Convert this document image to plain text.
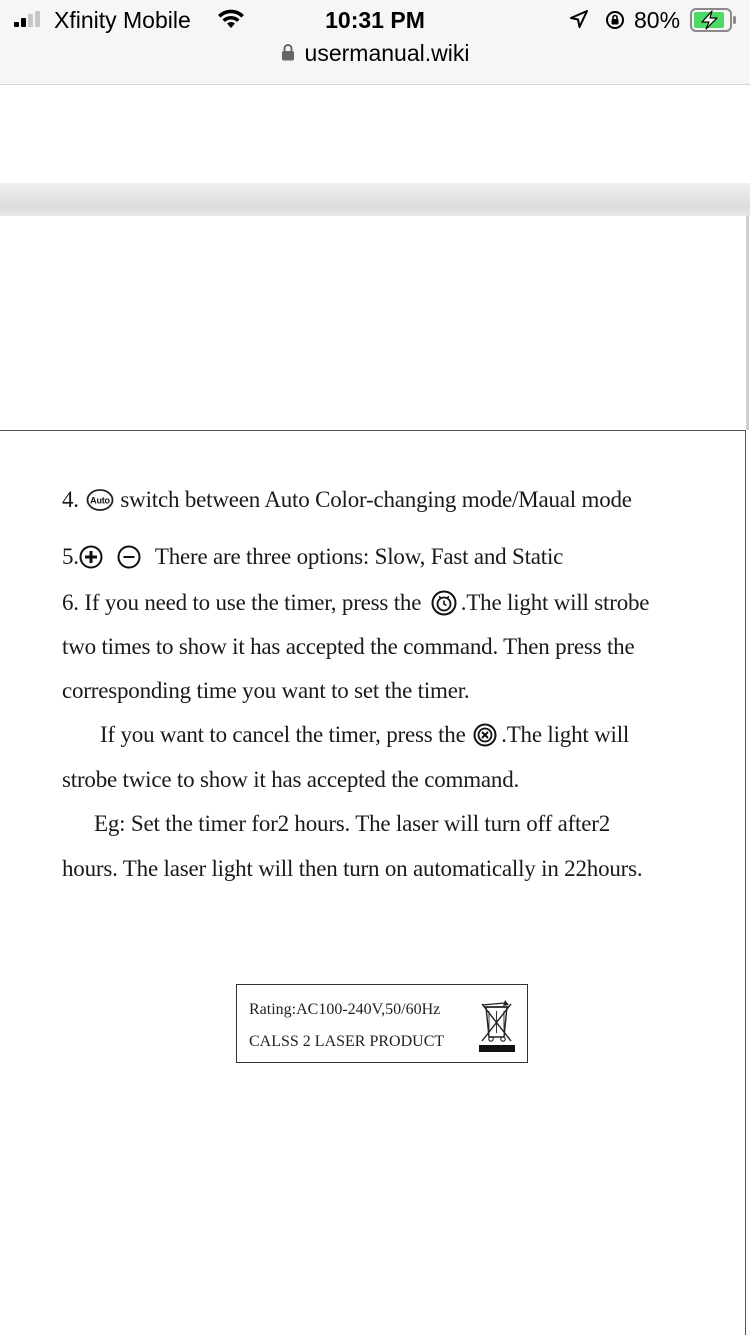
Xfinity Mobile	10:31 PM	80%
usermanual.wiki
4. Auto switch between Auto Color-changing mode/Maual mode
5.	There are three options: Slow, Fast and Static
6. If you need to use the timer, press the .The light will strobe
two times to show it has accepted the command. Then press the
corresponding time you want to set the timer.
If you want to cancel the timer, press the .The light will
strobe twice to show it has accepted the command.
Eg: Set the timer for2 hours. The laser will turn off after2
hours. The laser light will then turn on automatically in 22hours.
Rating:AC100-240V,50/60Hz
CALSS 2 LASER PRODUCT
